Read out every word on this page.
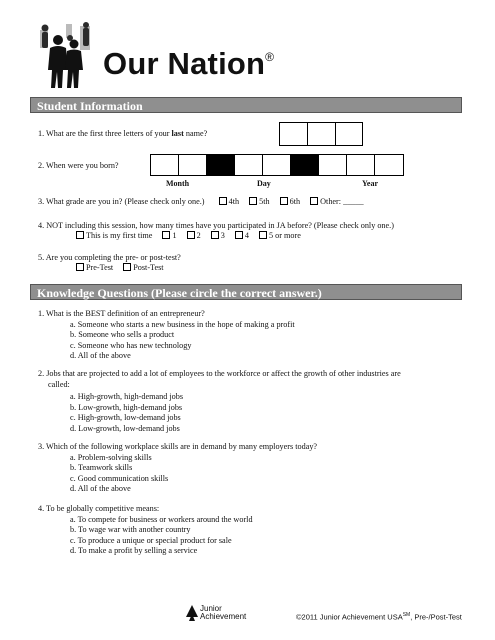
Our Nation®
Student Information
1. What are the first three letters of your last name?
2. When were you born?
Month	Day	Year
3. What grade are you in? (Please check only one.)	4th 5th 6th Other: _____
4. NOT including this session, how many times have you participated in JA before? (Please check only one.)
This is my first time 1 2 3 4 5 or more
5. Are you completing the pre- or post-test?
Pre-Test Post-Test
Knowledge Questions (Please circle the correct answer.)
1. What is the BEST definition of an entrepreneur?
a. Someone who starts a new business in the hope of making a profit
b. Someone who sells a product
c. Someone who has new technology
d. All of the above
2. Jobs that are projected to add a lot of employees to the workforce or affect the growth of other industries are
called:
a. High-growth, high-demand jobs
b. Low-growth, high-demand jobs
c. High-growth, low-demand jobs
d. Low-growth, low-demand jobs
3. Which of the following workplace skills are in demand by many employers today?
a. Problem-solving skills
b. Teamwork skills
c. Good communication skills
d. All of the above
4. To be globally competitive means:
a. To compete for business or workers around the world
b. To wage war with another country
c. To produce a unique or special product for sale
d. To make a profit by selling a service
Junior
Achievement	©2011 Junior Achievement USA℠, Pre-/Post-Test
